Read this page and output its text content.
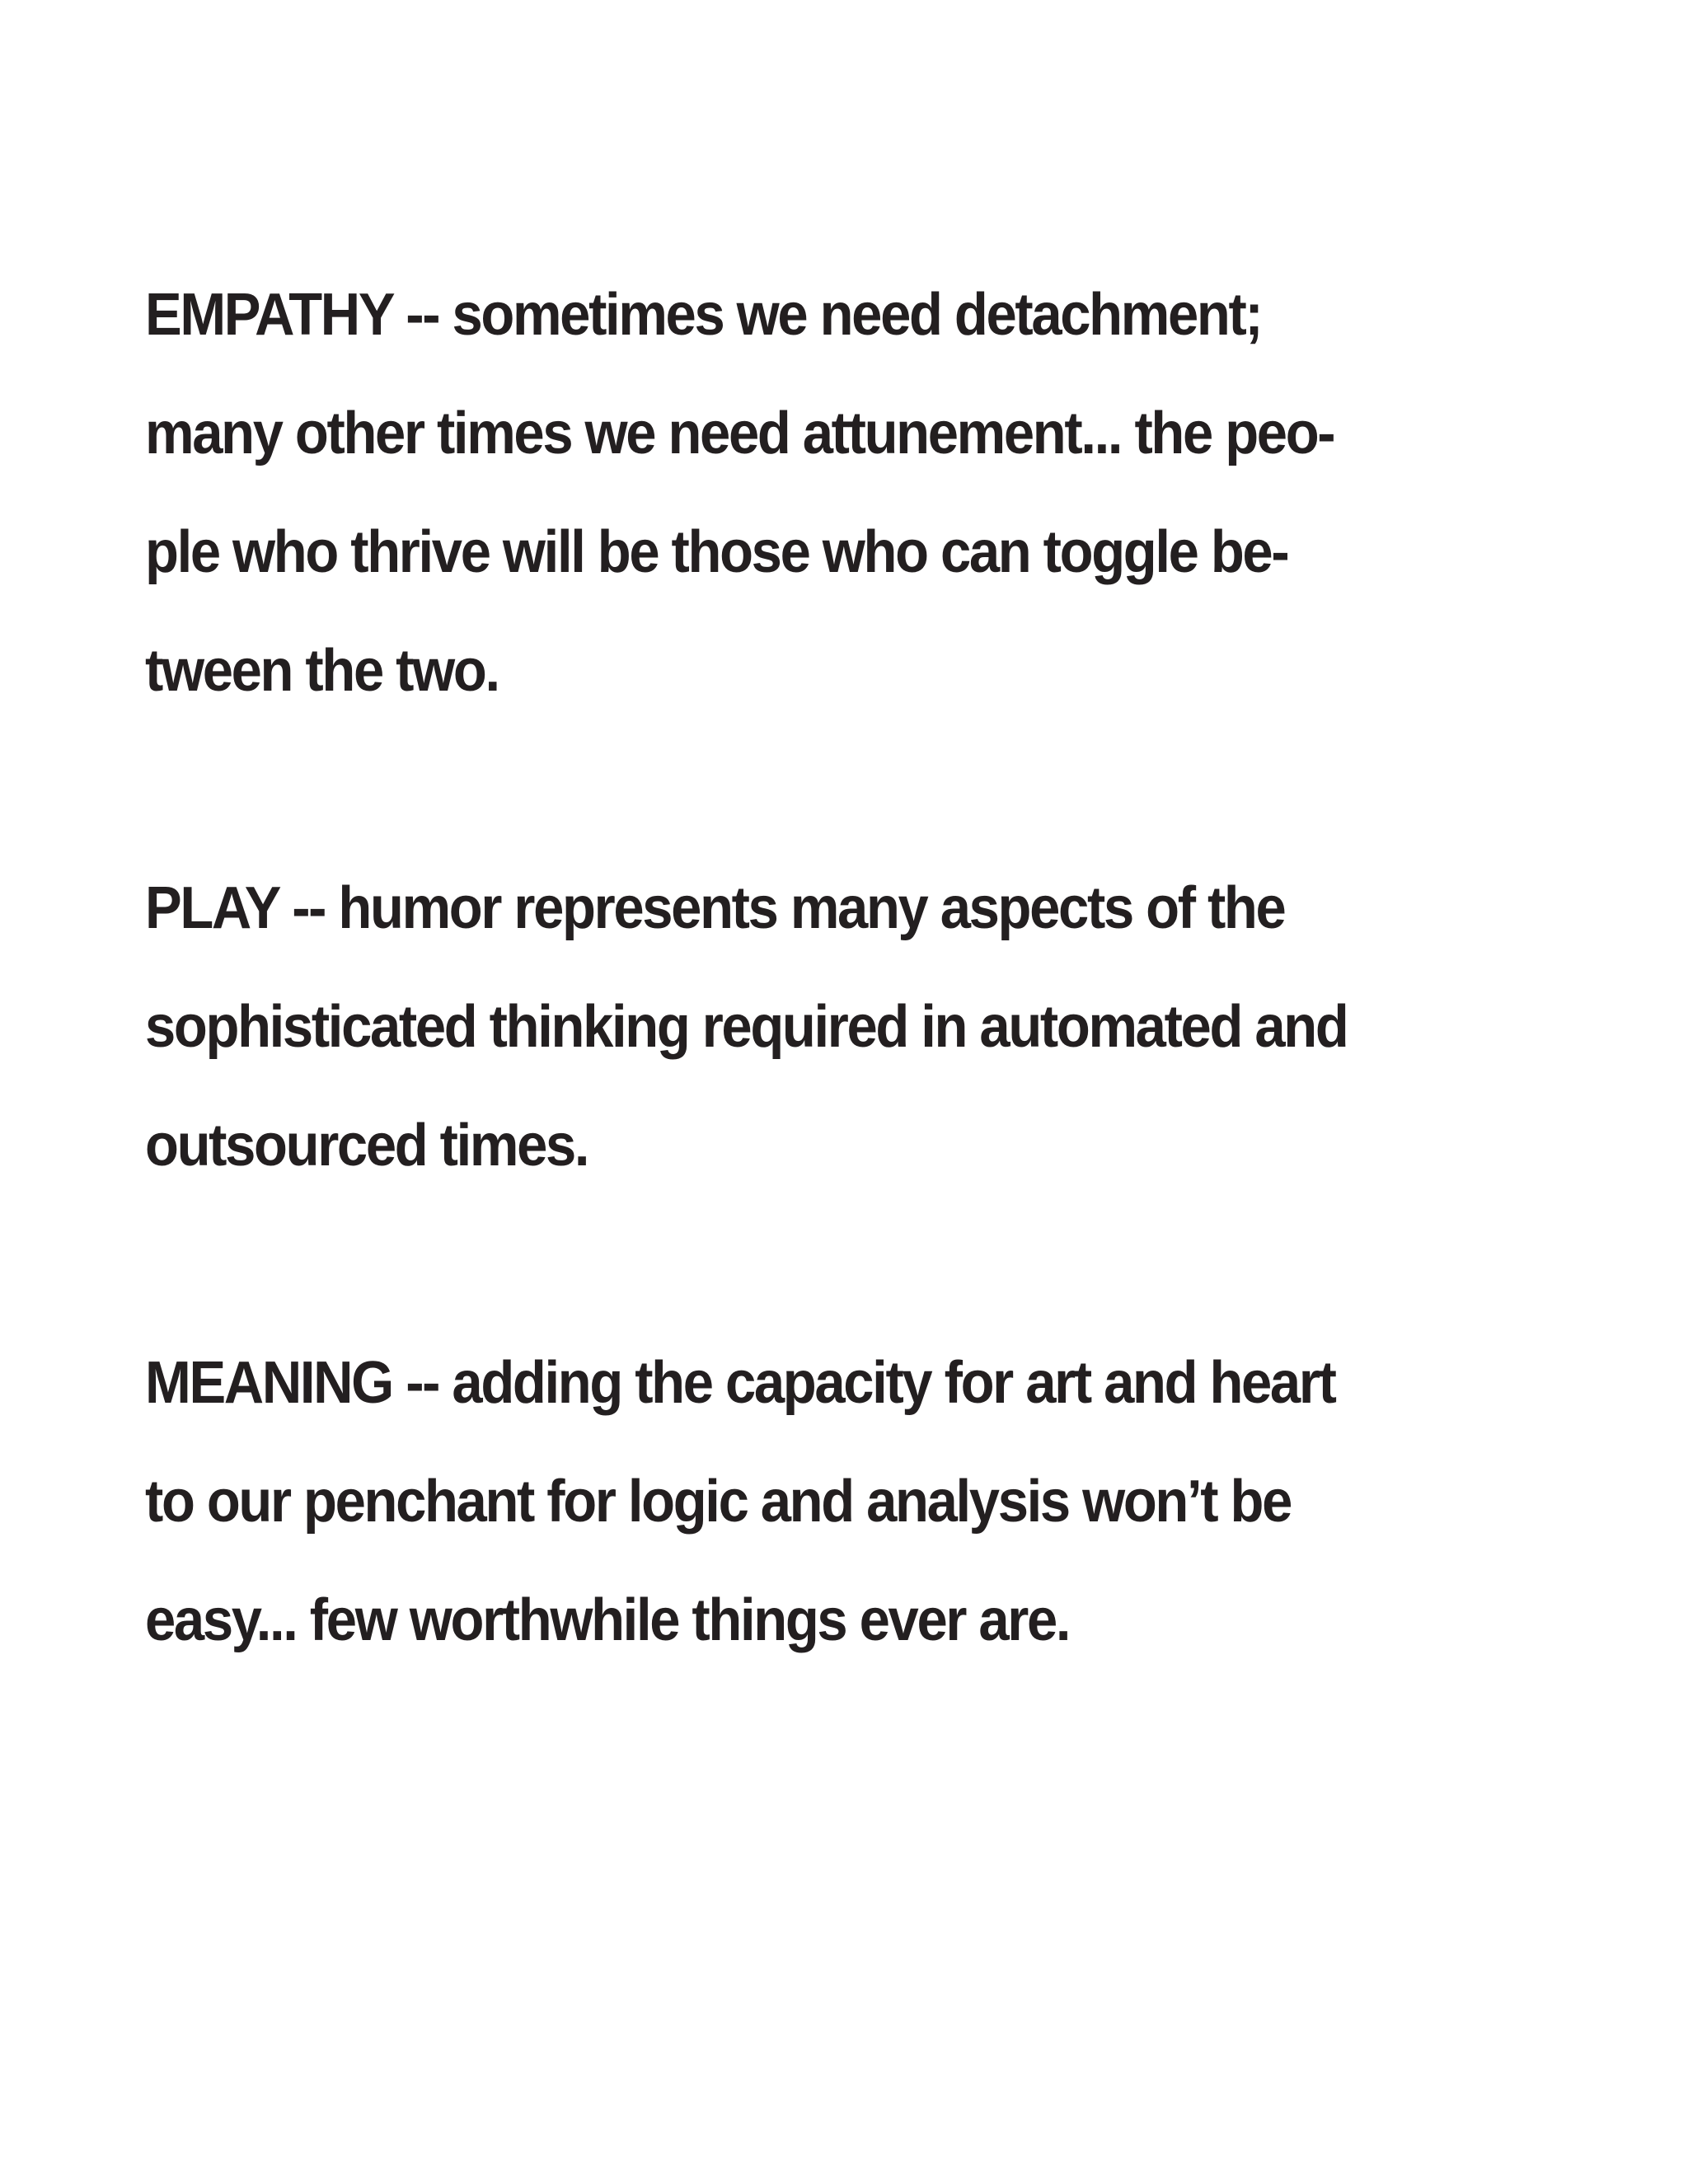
EMPATHY -- sometimes we need detachment;
many other times we need attunement... the peo-
ple who thrive will be those who can toggle be-
tween the two.
PLAY -- humor represents many aspects of the
sophisticated thinking required in automated and
outsourced times.
MEANING -- adding the capacity for art and heart
to our penchant for logic and analysis won’t be
easy... few worthwhile things ever are.
